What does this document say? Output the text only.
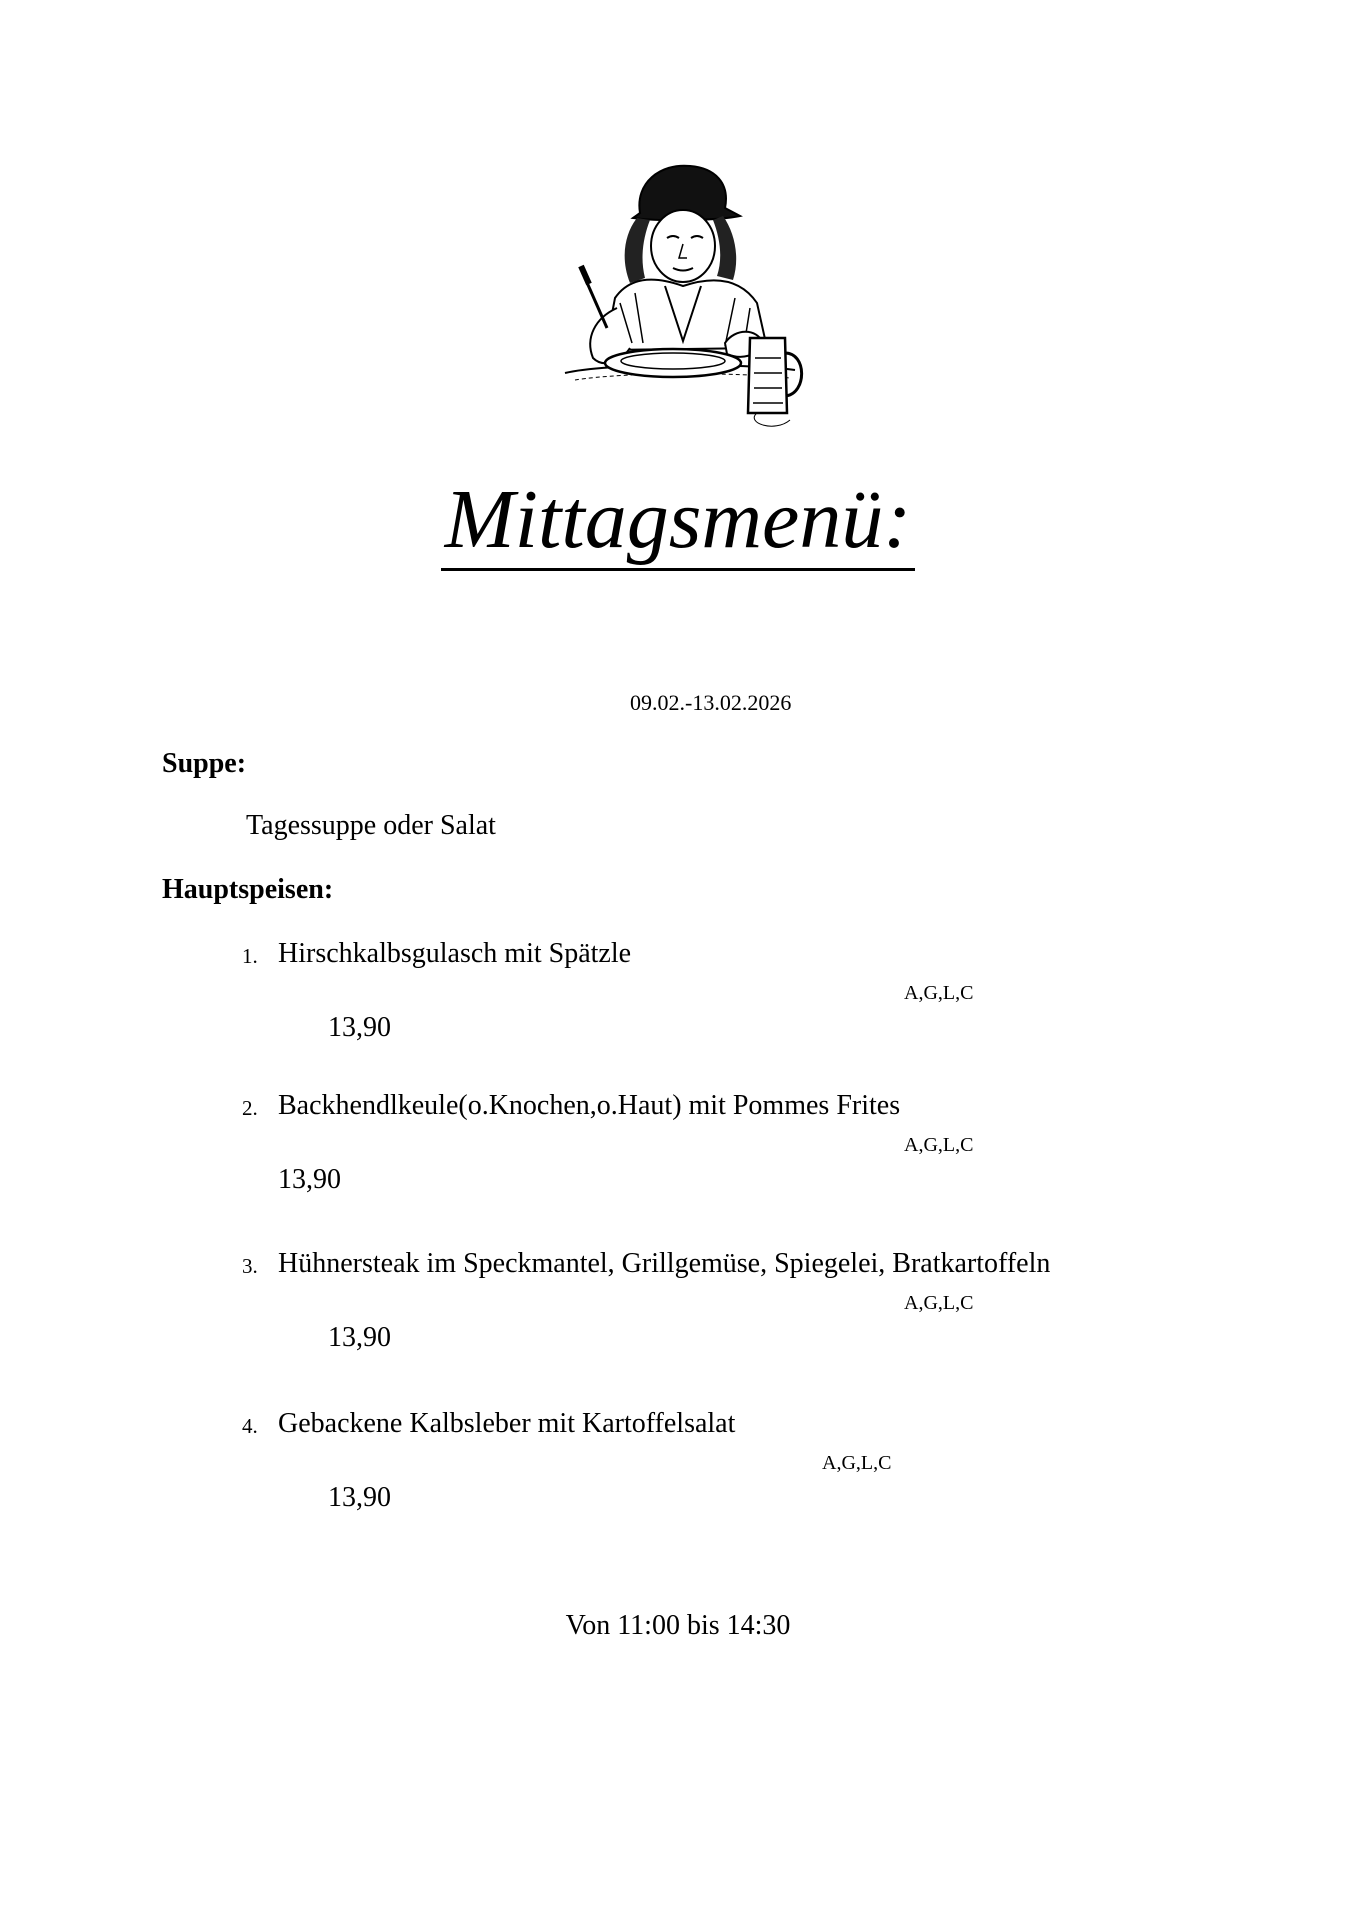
Mittagsmenü:
09.02.-13.02.2026
Suppe:
Tagessuppe oder Salat
Hauptspeisen:
1. Hirschkalbsgulasch mit Spätzle
A,G,L,C
13,90
2. Backhendlkeule(o.Knochen,o.Haut) mit Pommes Frites
A,G,L,C
13,90
3. Hühnersteak im Speckmantel, Grillgemüse, Spiegelei, Bratkartoffeln
A,G,L,C
13,90
4. Gebackene Kalbsleber mit Kartoffelsalat
A,G,L,C
13,90
Von 11:00 bis 14:30
